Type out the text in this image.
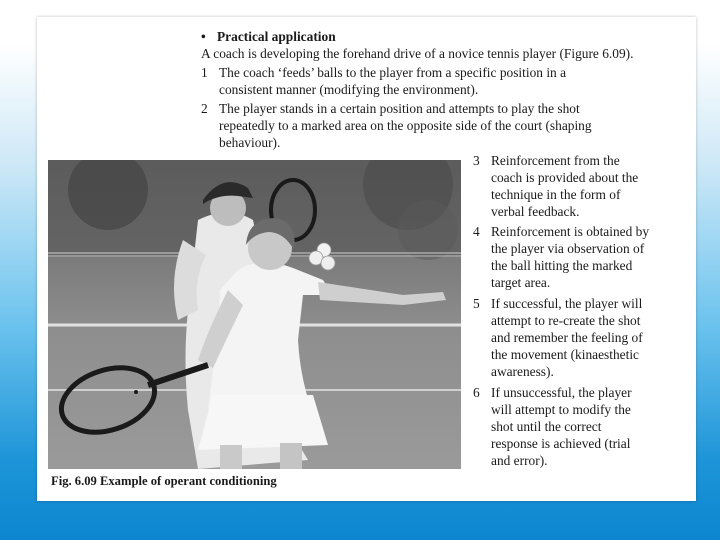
• Practical application
A coach is developing the forehand drive of a novice tennis player (Figure 6.09).
1 The coach ‘feeds’ balls to the player from a specific position in a
consistent manner (modifying the environment).
2 The player stands in a certain position and attempts to play the shot
repeatedly to a marked area on the opposite side of the court (shaping
behaviour).
3 Reinforcement from the
coach is provided about the
technique in the form of
verbal feedback.
4 Reinforcement is obtained by
the player via observation of
the ball hitting the marked
target area.
5 If successful, the player will
attempt to re-create the shot
and remember the feeling of
the movement (kinaesthetic
awareness).
6 If unsuccessful, the player
will attempt to modify the
shot until the correct
response is achieved (trial
and error).
Fig. 6.09 Example of operant conditioning
